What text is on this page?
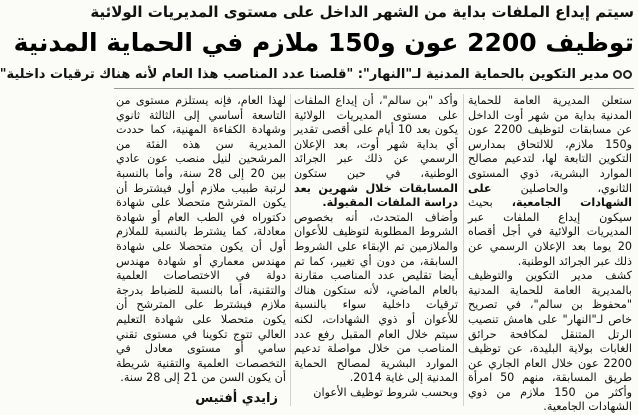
سيتم إيداع الملفات بداية من الشهر الداخل على مستوى المديريات الولائية
توظيف 2200 عون و150 ملازم في الحماية المدنية
مدير التكوين بالحماية المدنية لـ"النهار": "قلصنا عدد المناصب هذا العام لأنه هناك ترقيات داخلية"

ستعلن المديرية العامة للحماية المدنية بداية من شهر أوت الداخل عن مسابقات لتوظيف 2200 عون و150 ملازم، للالتحاق بمدارس التكوين التابعة لها، لتدعيم مصالح الموارد البشرية، ذوي المستوى الثانوي، والحاصلين على الشهادات الجامعية، بحيث سيكون إيداع الملفات عبر المديريات الولائية في أجل أقصاه 20 يوما بعد الإعلان الرسمي عن ذلك عبر الجرائد الوطنية.

كشف مدير التكوين والتوظيف بالمديرية العامة للحماية المدنية "محفوظ بن سالم"، في تصريح خاص لـ"النهار" على هامش تنصيب الرتل المتنقل لمكافحة حرائق الغابات بولاية البليدة، عن توظيف 2200 عون خلال العام الجاري عن طريق المسابقة، منهم 50 امرأة وأكثر من 150 ملازم من ذوي الشهادات الجامعية.

وأكد "بن سالم"، أن إيداع الملفات على مستوى المديريات الولائية يكون بعد 10 أيام على أقصى تقدير أي بداية شهر أوت، بعد الإعلان الرسمي عن ذلك عبر الجرائد الوطنية، في حين ستكون المسابقات خلال شهرين بعد دراسة الملفات المقبولة.

وأضاف المتحدث، أنه بخصوص الشروط المطلوبة لتوظيف للأعوان والملازمين تم الإبقاء على الشروط السابقة، من دون أي تغيير، كما تم أيضا تقليص عدد المناصب مقارنة بالعام الماضي، لأنه ستكون هناك ترقيات داخلية سواء بالنسبة للأعوان أو ذوي الشهادات، لكنه سيتم خلال العام المقبل رفع عدد المناصب من خلال مواصلة تدعيم الموارد البشرية لمصالح الحماية المدنية إلى غاية 2014.

وبحسب شروط توظيف الأعوان

لهذا العام، فإنه يستلزم مستوى من التاسعة أساسي إلى الثالثة ثانوي وشهادة الكفاءة المهنية، كما حددت المديرية سن هذه الفئة من المرشحين لنيل منصب عون عادي بين 20 إلى 28 سنة، وأما بالنسبة لرتبة طبيب ملازم أول فيشترط أن يكون المترشح متحصلا على شهادة دكتوراه في الطب العام أو شهادة معادلة، كما يشترط بالنسبة للملازم أول أن يكون متحصلا على شهادة مهندس معماري أو شهادة مهندس دولة في الاختصاصات العلمية والتقنية، أما بالنسبة للضباط بدرجة ملازم فيشترط على المترشح أن يكون متحصلا على شهادة التعليم العالي تتوج تكوينا في مستوى تقني سامي أو مستوى معادل في التخصصات العلمية والتقنية شريطة أن يكون السن من 21 إلى 28 سنة.

زايدي أفتيس
